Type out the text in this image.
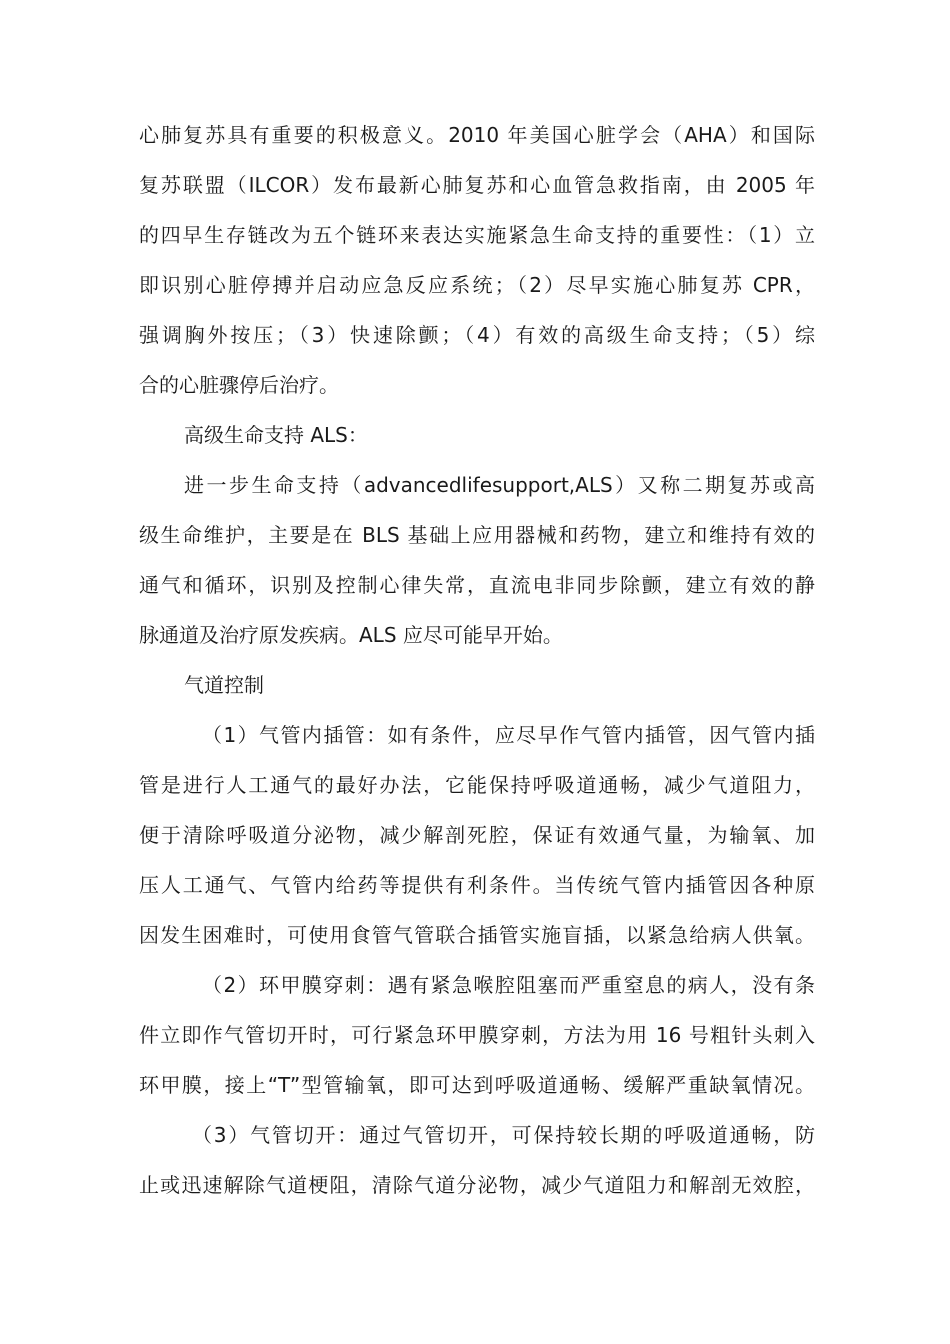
心肺复苏具有重要的积极意义。2010 年美国心脏学会（AHA）和国际
复苏联盟（ILCOR）发布最新心肺复苏和心血管急救指南，由 2005 年
的四早生存链改为五个链环来表达实施紧急生命支持的重要性：（1）立
即识别心脏停搏并启动应急反应系统；（2）尽早实施心肺复苏 CPR，
强调胸外按压；（3）快速除颤；（4）有效的高级生命支持；（5）综
合的心脏骤停后治疗。
高级生命支持 ALS：
进一步生命支持（advancedlifesupport,ALS）又称二期复苏或高
级生命维护，主要是在 BLS 基础上应用器械和药物，建立和维持有效的
通气和循环，识别及控制心律失常，直流电非同步除颤，建立有效的静
脉通道及治疗原发疾病。ALS 应尽可能早开始。
气道控制
（1）气管内插管：如有条件，应尽早作气管内插管，因气管内插
管是进行人工通气的最好办法，它能保持呼吸道通畅，减少气道阻力，
便于清除呼吸道分泌物，减少解剖死腔，保证有效通气量，为输氧、加
压人工通气、气管内给药等提供有利条件。当传统气管内插管因各种原
因发生困难时，可使用食管气管联合插管实施盲插，以紧急给病人供氧。
（2）环甲膜穿刺：遇有紧急喉腔阻塞而严重窒息的病人，没有条
件立即作气管切开时，可行紧急环甲膜穿刺，方法为用 16 号粗针头刺入
环甲膜，接上“T”型管输氧，即可达到呼吸道通畅、缓解严重缺氧情况。
（3）气管切开：通过气管切开，可保持较长期的呼吸道通畅，防
止或迅速解除气道梗阻，清除气道分泌物，减少气道阻力和解剖无效腔，
